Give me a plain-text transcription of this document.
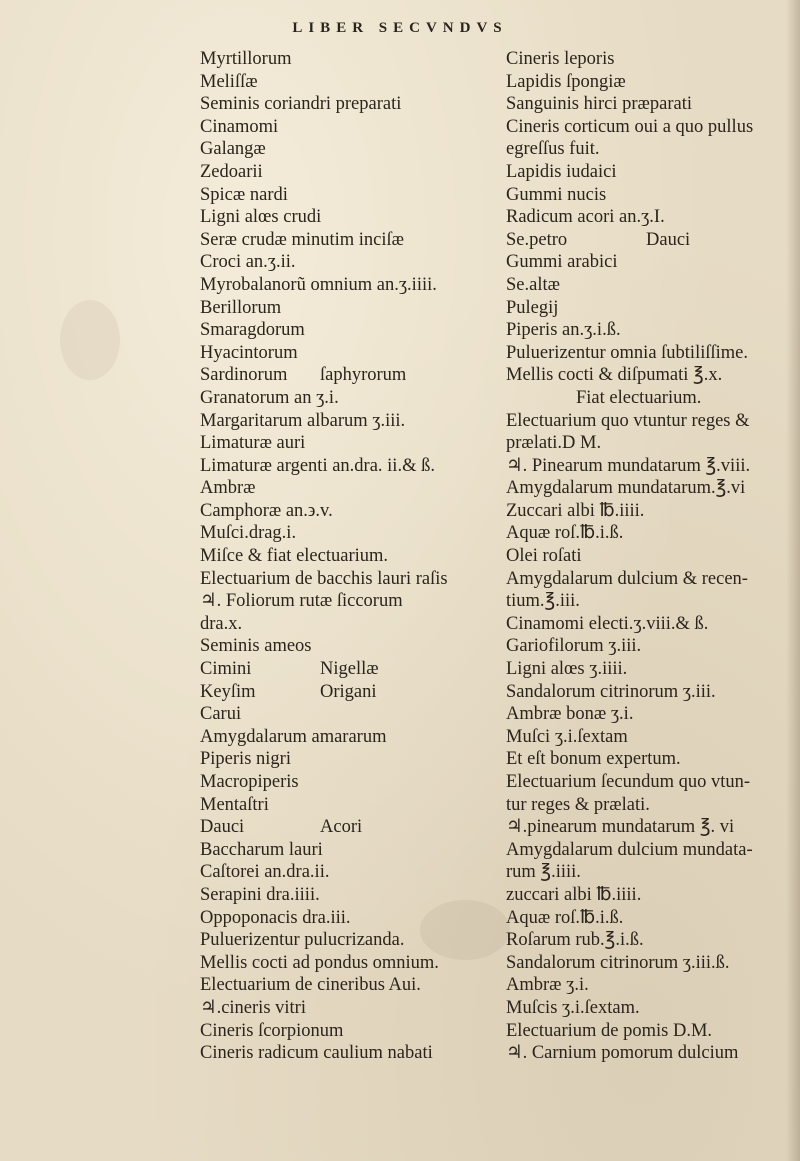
LIBER SECVNDVS
Myrtillorum
Meliſſæ
Seminis coriandri preparati
Cinamomi
Galangæ
Zedoarii
Spicæ nardi
Ligni alœs crudi
Seræ crudæ minutim inciſæ
Croci an.ʒ.ii.
Myrobalanorũ omnium an.ʒ.iiii.
Berillorum
Smaragdorum
Hyacintorum
Sardinorum ſaphyrorum
Granatorum an ʒ.i.
Margaritarum albarum ʒ.iii.
Limaturæ auri
Limaturæ argenti an.dra. ii.& ß.
Ambræ
Camphoræ an.϶.v.
Muſci.drag.i.
Miſce & fiat electuarium.
Electuarium de bacchis lauri raſis
♃. Foliorum rutæ ſiccorum
dra.x.
Seminis ameos
Cimini	Nigellæ
Keyſim	Origani
Carui
Amygdalarum amararum
Piperis nigri
Macropiperis
Mentaſtri
Dauci	Acori
Baccharum lauri
Caſtorei an.dra.ii.
Serapini dra.iiii.
Oppoponacis dra.iii.
Puluerizentur pulucrizanda.
Mellis cocti ad pondus omnium.
Electuarium de cineribus Aui.
♃.cineris vitri
Cineris ſcorpionum
Cineris radicum caulium nabati
Cineris leporis
Lapidis ſpongiæ
Sanguinis hirci præparati
Cineris corticum oui a quo pullus
egreſſus fuit.
Lapidis iudaici
Gummi nucis
Radicum acori an.ʒ.I.
Se.petro	Dauci
Gummi arabici
Se.altæ
Pulegij
Piperis an.ʒ.i.ß.
Puluerizentur omnia ſubtiliſſime.
Mellis cocti & diſpumati ℥.x.
Fiat electuarium.
Electuarium quo vtuntur reges &
prælati.D M.
♃. Pinearum mundatarum ℥.viii.
Amygdalarum mundatarum.℥.vi
Zuccari albi ℔.iiii.
Aquæ roſ.℔.i.ß.
Olei roſati
Amygdalarum dulcium & recen-
tium.℥.iii.
Cinamomi electi.ʒ.viii.& ß.
Gariofilorum ʒ.iii.
Ligni alœs ʒ.iiii.
Sandalorum citrinorum ʒ.iii.
Ambræ bonæ ʒ.i.
Muſci ʒ.i.ſextam
Et eſt bonum expertum.
Electuarium ſecundum quo vtun-
tur reges & prælati.
♃.pinearum mundatarum ℥. vi
Amygdalarum dulcium mundata-
rum ℥.iiii.
zuccari albi ℔.iiii.
Aquæ roſ.℔.i.ß.
Roſarum rub.℥.i.ß.
Sandalorum citrinorum ʒ.iii.ß.
Ambræ ʒ.i.
Muſcis ʒ.i.ſextam.
Electuarium de pomis D.M.
♃. Carnium pomorum dulcium
